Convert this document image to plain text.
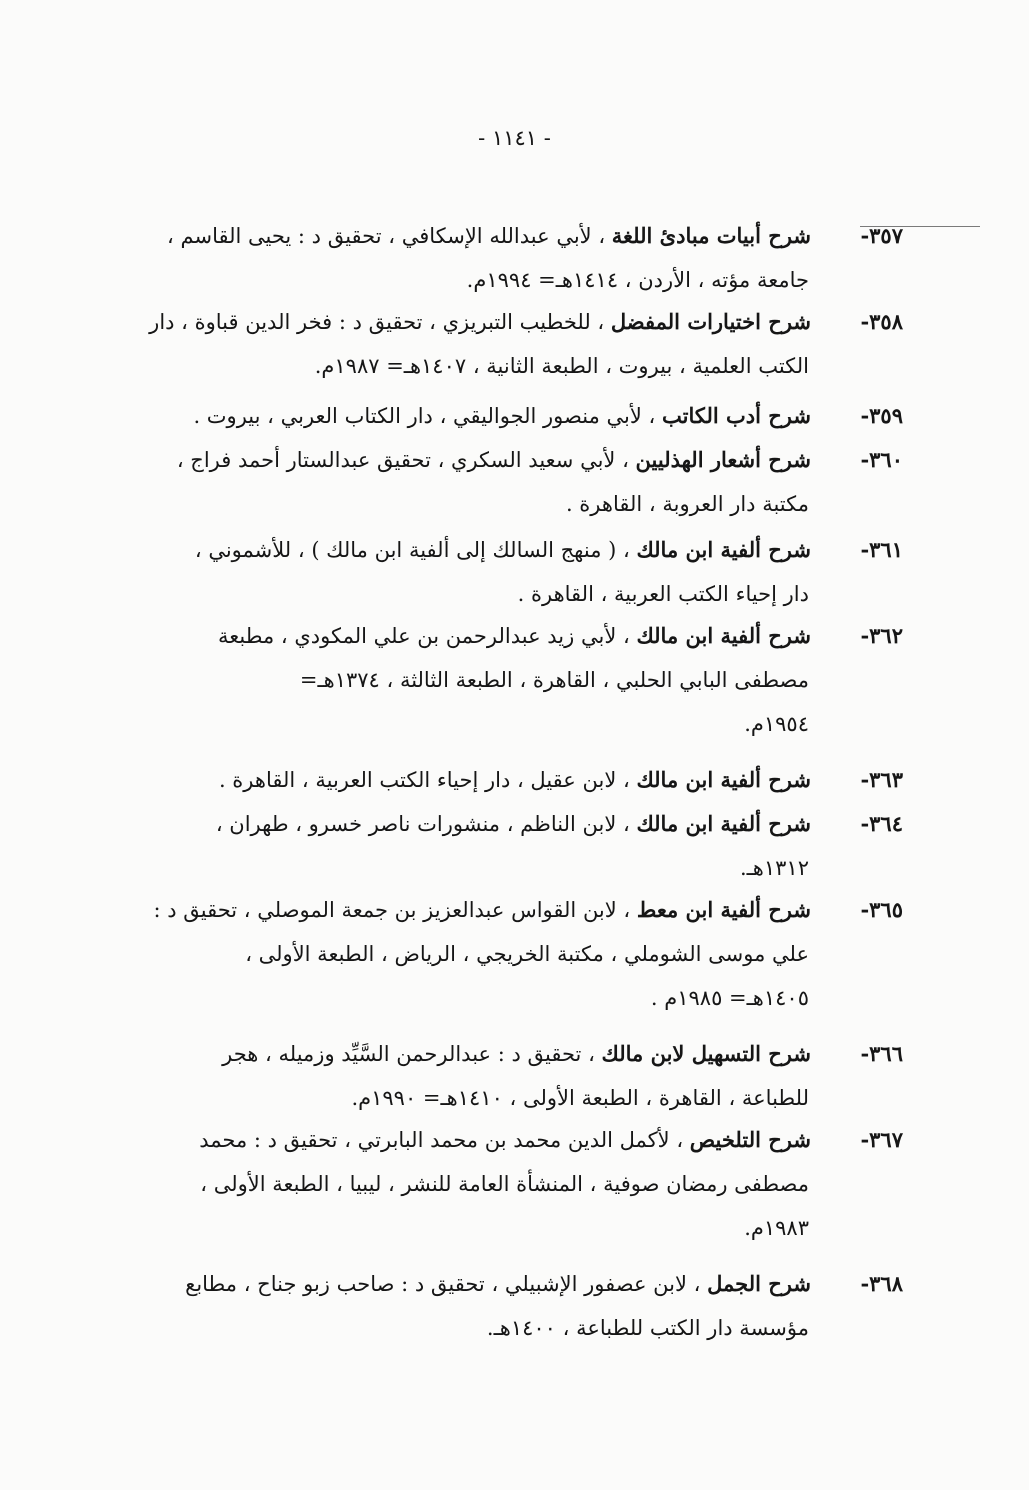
- ١١٤١ -
٣٥٧-شرح أبيات مبادئ اللغة ، لأبي عبدالله الإسكافي ، تحقيق د : يحيى القاسم ،
جامعة مؤته ، الأردن ، ١٤١٤هـ= ١٩٩٤م.
٣٥٨-شرح اختيارات المفضل ، للخطيب التبريزي ، تحقيق د : فخر الدين قباوة ، دار
الكتب العلمية ، بيروت ، الطبعة الثانية ، ١٤٠٧هـ= ١٩٨٧م.
٣٥٩-شرح أدب الكاتب ، لأبي منصور الجواليقي ، دار الكتاب العربي ، بيروت .
٣٦٠-شرح أشعار الهذليين ، لأبي سعيد السكري ، تحقيق عبدالستار أحمد فراج ،
مكتبة دار العروبة ، القاهرة .
٣٦١-شرح ألفية ابن مالك ، ( منهج السالك إلى ألفية ابن مالك ) ، للأشموني ،
دار إحياء الكتب العربية ، القاهرة .
٣٦٢-شرح ألفية ابن مالك ، لأبي زيد عبدالرحمن بن علي المكودي ، مطبعة
مصطفى البابي الحلبي ، القاهرة ، الطبعة الثالثة ، ١٣٧٤هـ=
١٩٥٤م.
٣٦٣-شرح ألفية ابن مالك ، لابن عقيل ، دار إحياء الكتب العربية ، القاهرة .
٣٦٤-شرح ألفية ابن مالك ، لابن الناظم ، منشورات ناصر خسرو ، طهران ،
١٣١٢هـ.
٣٦٥-شرح ألفية ابن معط ، لابن القواس عبدالعزيز بن جمعة الموصلي ، تحقيق د :
علي موسى الشوملي ، مكتبة الخريجي ، الرياض ، الطبعة الأولى ،
١٤٠٥هـ= ١٩٨٥م .
٣٦٦-شرح التسهيل لابن مالك ، تحقيق د : عبدالرحمن السَّيِّد وزميله ، هجر
للطباعة ، القاهرة ، الطبعة الأولى ، ١٤١٠هـ= ١٩٩٠م.
٣٦٧-شرح التلخيص ، لأكمل الدين محمد بن محمد البابرتي ، تحقيق د : محمد
مصطفى رمضان صوفية ، المنشأة العامة للنشر ، ليبيا ، الطبعة الأولى ،
١٩٨٣م.
٣٦٨-شرح الجمل ، لابن عصفور الإشبيلي ، تحقيق د : صاحب زبو جناح ، مطابع
مؤسسة دار الكتب للطباعة ، ١٤٠٠هـ.
